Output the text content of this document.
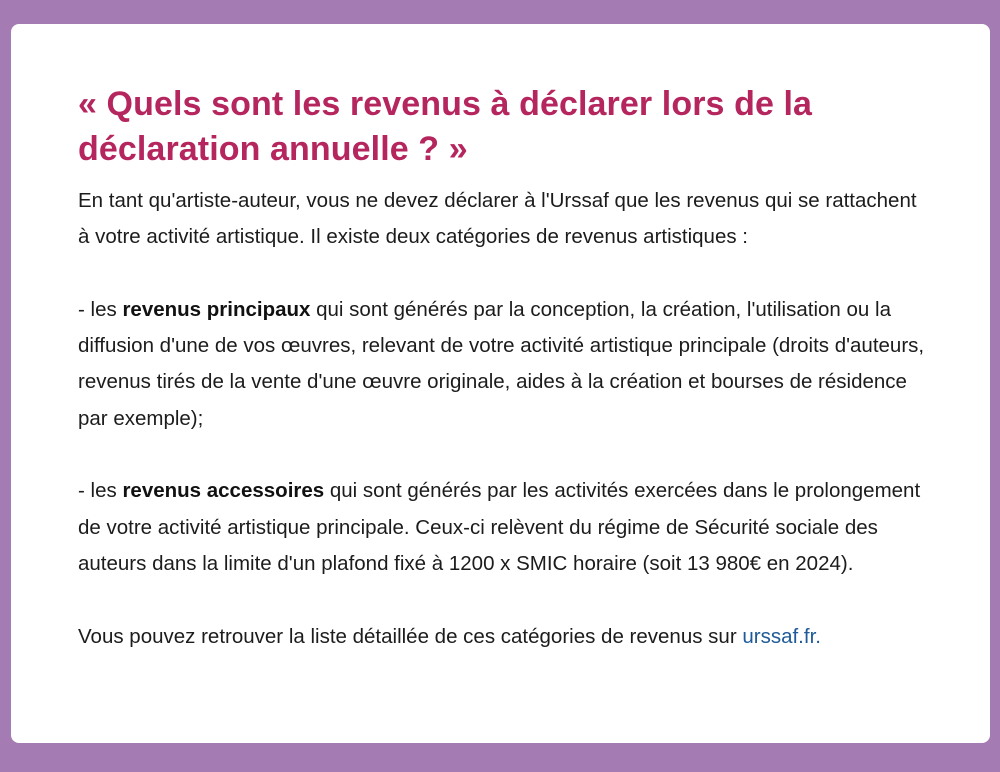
« Quels sont les revenus à déclarer lors de la déclaration annuelle ? »

En tant qu'artiste-auteur, vous ne devez déclarer à l'Urssaf que les revenus qui se rattachent à votre activité artistique. Il existe deux catégories de revenus artistiques :

- les revenus principaux qui sont générés par la conception, la création, l'utilisation ou la diffusion d'une de vos œuvres, relevant de votre activité artistique principale (droits d'auteurs, revenus tirés de la vente d'une œuvre originale, aides à la création et bourses de résidence par exemple);

- les revenus accessoires qui sont générés par les activités exercées dans le prolongement de votre activité artistique principale. Ceux-ci relèvent du régime de Sécurité sociale des auteurs dans la limite d'un plafond fixé à 1200 x SMIC horaire (soit 13 980€ en 2024).

Vous pouvez retrouver la liste détaillée de ces catégories de revenus sur urssaf.fr.
